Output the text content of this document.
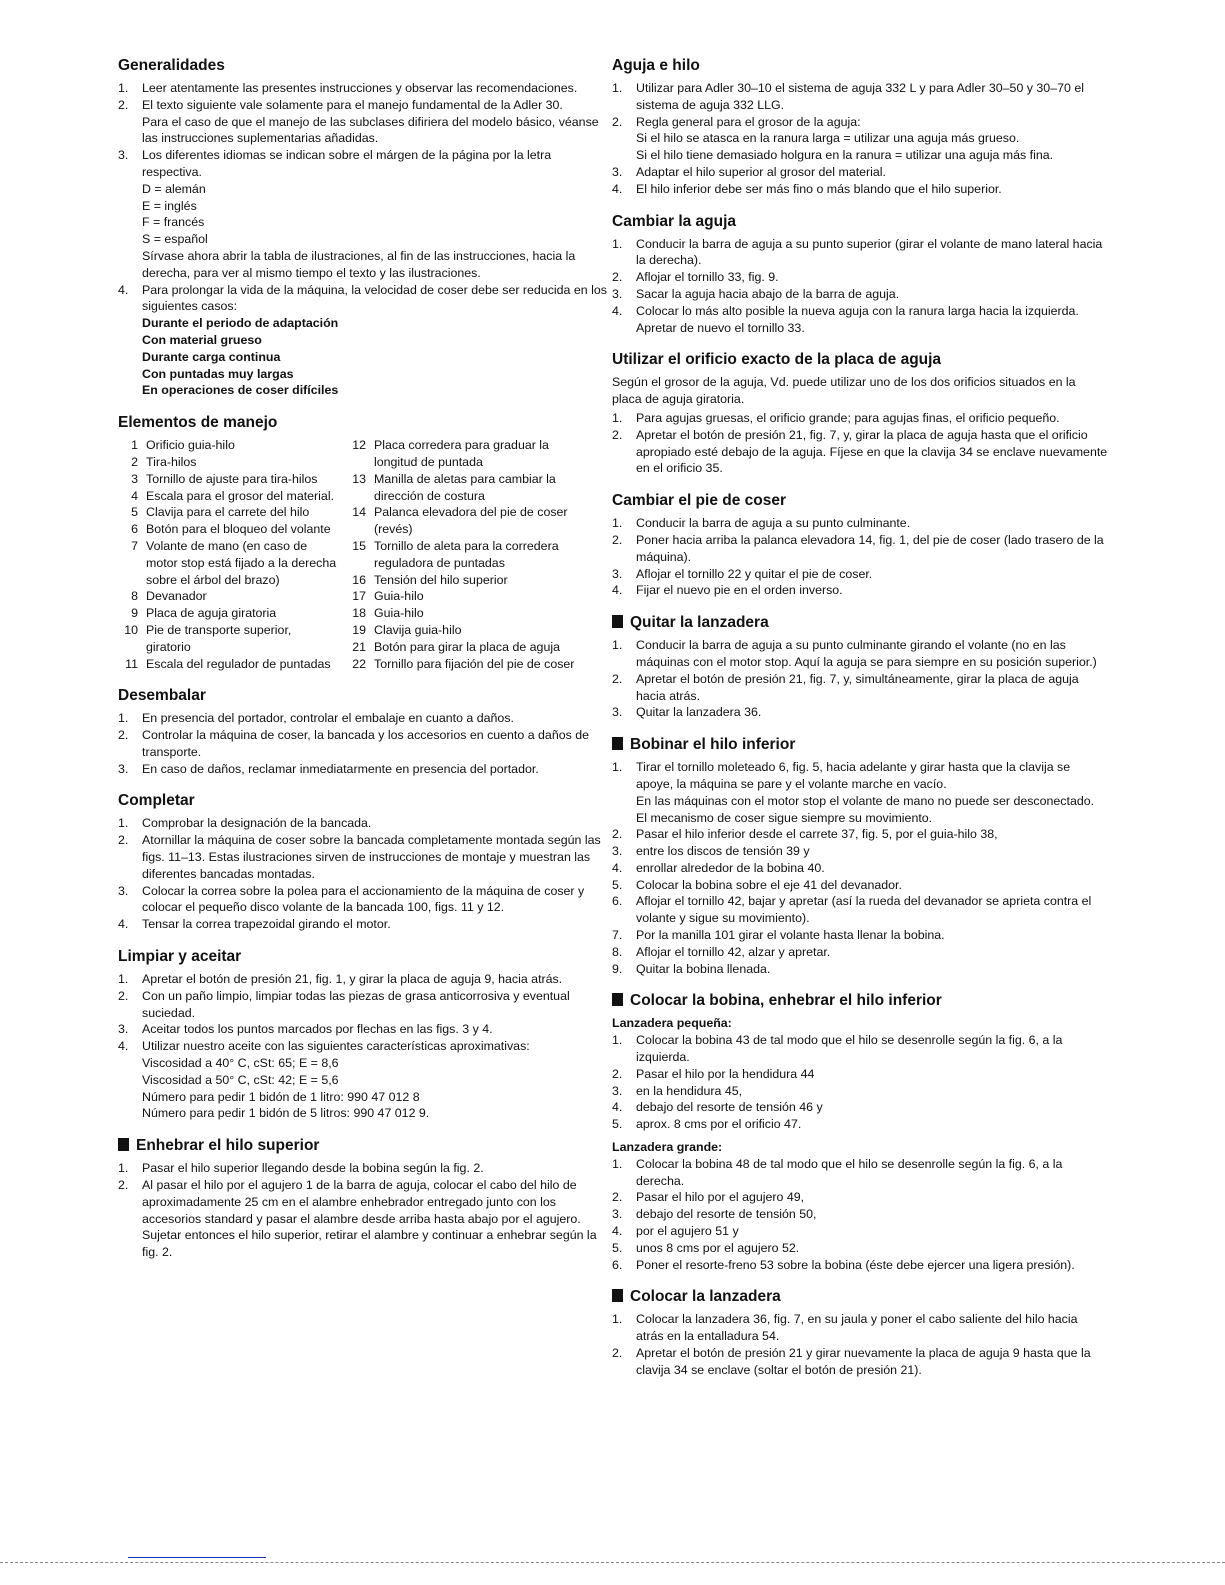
Generalidades
1.	Leer atentamente las presentes instrucciones y observar las recomendaciones.
2.	El texto siguiente vale solamente para el manejo fundamental de la Adler 30.
Para el caso de que el manejo de las subclases difiriera del modelo básico, véanse las instrucciones suplementarias añadidas.
3.	Los diferentes idiomas se indican sobre el márgen de la página por la letra respectiva.
D = alemán
E = inglés
F = francés
S = español
Sírvase ahora abrir la tabla de ilustraciones, al fin de las instrucciones, hacia la derecha, para ver al mismo tiempo el texto y las ilustraciones.
4.	Para prolongar la vida de la máquina, la velocidad de coser debe ser reducida en los siguientes casos:
Durante el periodo de adaptación
Con material grueso
Durante carga continua
Con puntadas muy largas
En operaciones de coser difíciles
Elementos de manejo
1 Orificio guia-hilo
2 Tira-hilos
3 Tornillo de ajuste para tira-hilos
4 Escala para el grosor del material.
5 Clavija para el carrete del hilo
6 Botón para el bloqueo del volante
7 Volante de mano (en caso de motor stop está fijado a la derecha sobre el árbol del brazo)
8 Devanador
9 Placa de aguja giratoria
10 Pie de transporte superior, giratorio
11 Escala del regulador de puntadas
12 Placa corredera para graduar la longitud de puntada
13 Manilla de aletas para cambiar la dirección de costura
14 Palanca elevadora del pie de coser (revés)
15 Tornillo de aleta para la corredera reguladora de puntadas
16 Tensión del hilo superior
17 Guia-hilo
18 Guia-hilo
19 Clavija guia-hilo
21 Botón para girar la placa de aguja
22 Tornillo para fijación del pie de coser
Desembalar
1.	En presencia del portador, controlar el embalaje en cuanto a daños.
2.	Controlar la máquina de coser, la bancada y los accesorios en cuento a daños de transporte.
3.	En caso de daños, reclamar inmediatarmente en presencia del portador.
Completar
1.	Comprobar la designación de la bancada.
2.	Atornillar la máquina de coser sobre la bancada completamente montada según las figs. 11–13. Estas ilustraciones sirven de instrucciones de montaje y muestran las diferentes bancadas montadas.
3.	Colocar la correa sobre la polea para el accionamiento de la máquina de coser y colocar el pequeño disco volante de la bancada 100, figs. 11 y 12.
4.	Tensar la correa trapezoidal girando el motor.
Limpiar y aceitar
1.	Apretar el botón de presión 21, fig. 1, y girar la placa de aguja 9, hacia atrás.
2.	Con un paño limpio, limpiar todas las piezas de grasa anticorrosiva y eventual suciedad.
3.	Aceitar todos los puntos marcados por flechas en las figs. 3 y 4.
4.	Utilizar nuestro aceite con las siguientes características aproximativas:
Viscosidad a 40° C, cSt: 65; E = 8,6
Viscosidad a 50° C, cSt: 42; E = 5,6
Número para pedir 1 bidón de 1 litro: 990 47 012 8
Número para pedir 1 bidón de 5 litros: 990 47 012 9.
Enhebrar el hilo superior
1.	Pasar el hilo superior llegando desde la bobina según la fig. 2.
2.	Al pasar el hilo por el agujero 1 de la barra de aguja, colocar el cabo del hilo de aproximadamente 25 cm en el alambre enhebrador entregado junto con los accesorios standard y pasar el alambre desde arriba hasta abajo por el agujero. Sujetar entonces el hilo superior, retirar el alambre y continuar a enhebrar según la fig. 2.
Aguja e hilo
1.	Utilizar para Adler 30–10 el sistema de aguja 332 L y para Adler 30–50 y 30–70 el sistema de aguja 332 LLG.
2.	Regla general para el grosor de la aguja:
Si el hilo se atasca en la ranura larga = utilizar una aguja más grueso.
Si el hilo tiene demasiado holgura en la ranura = utilizar una aguja más fina.
3.	Adaptar el hilo superior al grosor del material.
4.	El hilo inferior debe ser más fino o más blando que el hilo superior.
Cambiar la aguja
1.	Conducir la barra de aguja a su punto superior (girar el volante de mano lateral hacia la derecha).
2.	Aflojar el tornillo 33, fig. 9.
3.	Sacar la aguja hacia abajo de la barra de aguja.
4.	Colocar lo más alto posible la nueva aguja con la ranura larga hacia la izquierda. Apretar de nuevo el tornillo 33.
Utilizar el orificio exacto de la placa de aguja

Según el grosor de la aguja, Vd. puede utilizar uno de los dos orificios situados en la placa de aguja giratoria.

1.	Para agujas gruesas, el orificio grande; para agujas finas, el orificio pequeño.
2.	Apretar el botón de presión 21, fig. 7, y, girar la placa de aguja hasta que el orificio apropiado esté debajo de la aguja. Fíjese en que la clavija 34 se enclave nuevamente en el orificio 35.
Cambiar el pie de coser
1.	Conducir la barra de aguja a su punto culminante.
2.	Poner hacia arriba la palanca elevadora 14, fig. 1, del pie de coser (lado trasero de la máquina).
3.	Aflojar el tornillo 22 y quitar el pie de coser.
4.	Fijar el nuevo pie en el orden inverso.
Quitar la lanzadera
1.	Conducir la barra de aguja a su punto culminante girando el volante (no en las máquinas con el motor stop. Aquí la aguja se para siempre en su posición superior.)
2.	Apretar el botón de presión 21, fig. 7, y, simultáneamente, girar la placa de aguja hacia atrás.
3.	Quitar la lanzadera 36.
Bobinar el hilo inferior
1.	Tirar el tornillo moleteado 6, fig. 5, hacia adelante y girar hasta que la clavija se apoye, la máquina se pare y el volante marche en vacío.
En las máquinas con el motor stop el volante de mano no puede ser desconectado. El mecanismo de coser sigue siempre su movimiento.
2.	Pasar el hilo inferior desde el carrete 37, fig. 5, por el guia-hilo 38,
3.	entre los discos de tensión 39 y
4.	enrollar alrededor de la bobina 40.
5.	Colocar la bobina sobre el eje 41 del devanador.
6.	Aflojar el tornillo 42, bajar y apretar (así la rueda del devanador se aprieta contra el volante y sigue su movimiento).
7.	Por la manilla 101 girar el volante hasta llenar la bobina.
8.	Aflojar el tornillo 42, alzar y apretar.
9.	Quitar la bobina llenada.
Colocar la bobina, enhebrar el hilo inferior

Lanzadera pequeña:

1.	Colocar la bobina 43 de tal modo que el hilo se desenrolle según la fig. 6, a la izquierda.
2.	Pasar el hilo por la hendidura 44
3.	en la hendidura 45,
4.	debajo del resorte de tensión 46 y
5.	aprox. 8 cms por el orificio 47.

Lanzadera grande:

1.	Colocar la bobina 48 de tal modo que el hilo se desenrolle según la fig. 6, a la derecha.
2.	Pasar el hilo por el agujero 49,
3.	debajo del resorte de tensión 50,
4.	por el agujero 51 y
5.	unos 8 cms por el agujero 52.
6.	Poner el resorte-freno 53 sobre la bobina (éste debe ejercer una ligera presión).
Colocar la lanzadera
1.	Colocar la lanzadera 36, fig. 7, en su jaula y poner el cabo saliente del hilo hacia atrás en la entalladura 54.
2.	Apretar el botón de presión 21 y girar nuevamente la placa de aguja 9 hasta que la clavija 34 se enclave (soltar el botón de presión 21).
